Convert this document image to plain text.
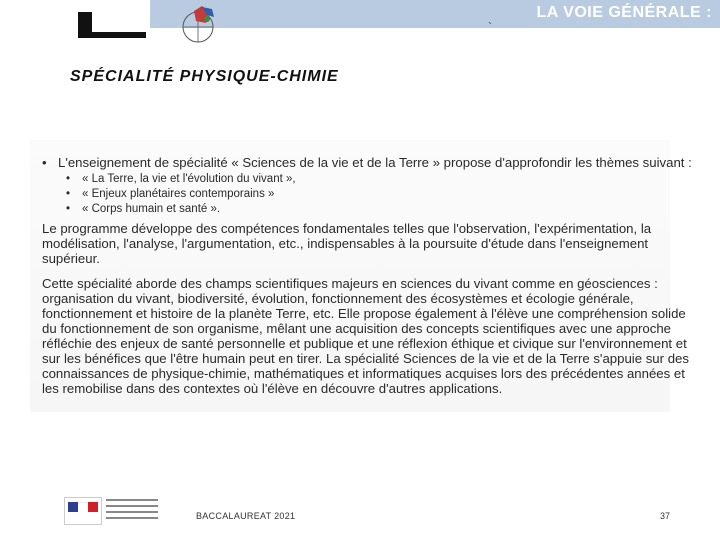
LA VOIE GÉNÉRALE :
`
SPÉCIALITÉ PHYSIQUE-CHIMIE
• L'enseignement de spécialité « Sciences de la vie et de la Terre » propose d'approfondir les thèmes suivant :

•	« La Terre, la vie et l'évolution du vivant »,
•	« Enjeux planétaires contemporains »
•	« Corps humain et santé ».

Le programme développe des compétences fondamentales telles que l'observation, l'expérimentation, la modélisation, l'analyse, l'argumentation, etc., indispensables à la poursuite d'étude dans l'enseignement supérieur.

Cette spécialité aborde des champs scientifiques majeurs en sciences du vivant comme en géosciences : organisation du vivant, biodiversité, évolution, fonctionnement des écosystèmes et écologie générale, fonctionnement et histoire de la planète Terre, etc. Elle propose également à l'élève une compréhension solide du fonctionnement de son organisme, mêlant une acquisition des concepts scientifiques avec une approche réfléchie des enjeux de santé personnelle et publique et une réflexion éthique et civique sur l'environnement et sur les bénéfices que l'être humain peut en tirer. La spécialité Sciences de la vie et de la Terre s'appuie sur des connaissances de physique-chimie, mathématiques et informatiques acquises lors des précédentes années et les remobilise dans des contextes où l'élève en découvre d'autres applications.

BACCALAUREAT 2021	37
